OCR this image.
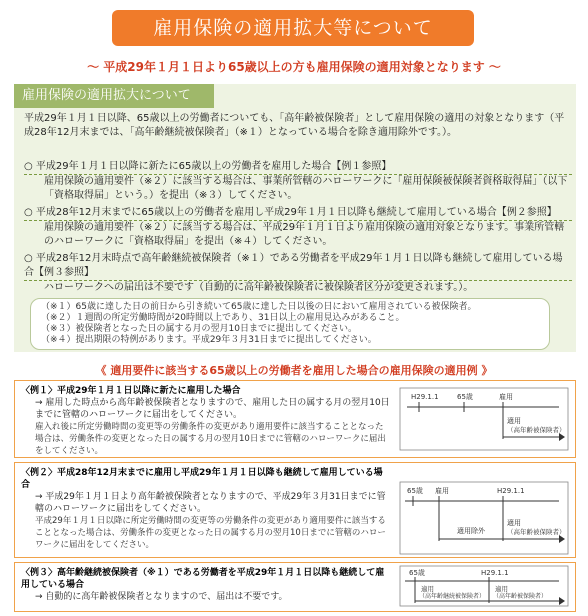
雇用保険の適用拡大等について
～ 平成29年１月１日より65歳以上の方も雇用保険の適用対象となります ～
雇用保険の適用拡大について
平成29年１月１日以降、65歳以上の労働者についても、「高年齢被保険者」として雇用保険の適用の対象となります（平成28年12月末までは、「高年齢継続被保険者」（※１）となっている場合を除き適用除外です。）。
○ 平成29年１月１日以降に新たに65歳以上の労働者を雇用した場合【例１参照】
雇用保険の適用要件（※２）に該当する場合は、事業所管轄のハローワークに「雇用保険被保険者資格取得届」（以下「資格取得届」という。）を提出（※３）してください。
○ 平成28年12月末までに65歳以上の労働者を雇用し平成29年１月１日以降も継続して雇用している場合【例２参照】
雇用保険の適用要件（※２）に該当する場合は、平成29年１月１日より雇用保険の適用対象となります。事業所管轄のハローワークに「資格取得届」を提出（※４）してください。
○ 平成28年12月末時点で高年齢継続被保険者（※１）である労働者を平成29年１月１日以降も継続して雇用している場合【例３参照】
ハローワークへの届出は不要です（自動的に高年齢被保険者に被保険者区分が変更されます。）。
（※１）65歳に達した日の前日から引き続いて65歳に達した日以後の日において雇用されている被保険者。
（※２）１週間の所定労働時間が20時間以上であり、31日以上の雇用見込みがあること。
（※３）被保険者となった日の属する月の翌月10日までに提出してください。
（※４）提出期限の特例があります。平成29年３月31日までに提出してください。
《 適用要件に該当する65歳以上の労働者を雇用した場合の雇用保険の適用例 》
〈例１〉平成29年１月１日以降に新たに雇用した場合
→ 雇用した時点から高年齢被保険者となりますので、雇用した日の属する月の翌月10日までに管轄のハローワークに届出をしてください。
雇入れ後に所定労働時間の変更等の労働条件の変更があり適用要件に該当することとなった場合は、労働条件の変更となった日の属する月の翌月10日までに管轄のハローワークに届出をしてください。
H29.1.1	65歳	雇用
適用
（高年齢被保険者）
〈例２〉平成28年12月末までに雇用し平成29年１月１日以降も継続して雇用している場合
→ 平成29年１月１日より高年齢被保険者となりますので、平成29年３月31日までに管轄のハローワークに届出をしてください。
平成29年１月１日以降に所定労働時間の変更等の労働条件の変更があり適用要件に該当することとなった場合は、労働条件の変更となった日の属する月の翌月10日までに管轄のハローワークに届出をしてください。
65歳 雇用	H29.1.1
適用除外
適用
（高年齢被保険者）
〈例３〉高年齢継続被保険者（※１）である労働者を平成29年１月１日以降も継続して雇用している場合
→ 自動的に高年齢被保険者となりますので、届出は不要です。
65歳	H29.1.1
適用
（高年齢継続被保険者）
適用
（高年齢被保険者）
